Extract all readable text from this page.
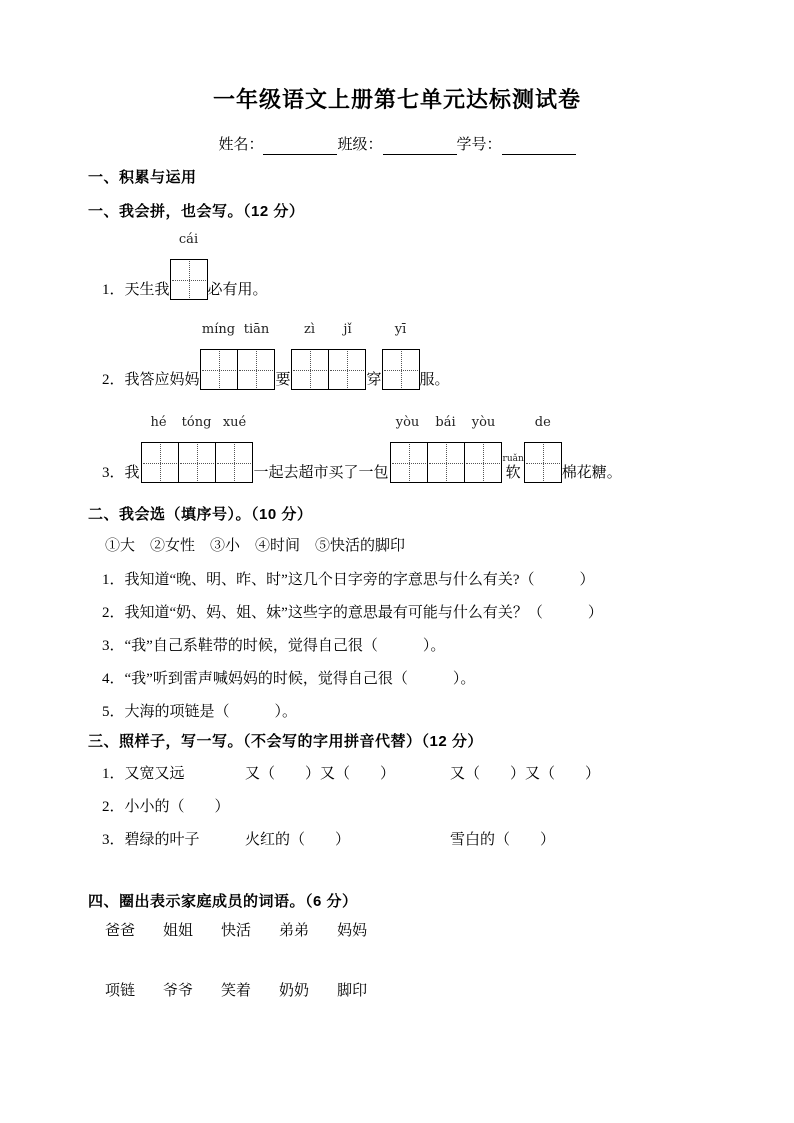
一年级语文上册第七单元达标测试卷
姓名：	班级：	学号：
一、积累与运用
一、我会拼，也会写。（12 分）
1．天生我
cái
必有用。
2．我答应妈妈
míng tiān
要
zì	jǐ
穿
yī
服。
3．我
hé	tóng xué
一起去超市买了一包
yòu	bái	yòu
ruǎn
软
de
棉花糖。
二、我会选（填序号）。（10 分）
①大　②女性　③小　④时间　⑤快活的脚印
1．我知道“晚、明、昨、时”这几个日字旁的字意思与什么有关?（　　　）
2．我知道“奶、妈、姐、妹”这些字的意思最有可能与什么有关？（　　　）
3．“我”自己系鞋带的时候，觉得自己很（　　　）。
4．“我”听到雷声喊妈妈的时候，觉得自己很（　　　）。
5．大海的项链是（　　　）。
三、照样子，写一写。（不会写的字用拼音代替）（12 分）
1．又宽又远	又（　　）又（　　）	又（　　）又（　　）
2．小小的（　　）
3．碧绿的叶子	火红的（　　）	雪白的（　　）
四、圈出表示家庭成员的词语。（6 分）
爸爸 姐姐 快活 弟弟 妈妈
项链 爷爷 笑着 奶奶 脚印
